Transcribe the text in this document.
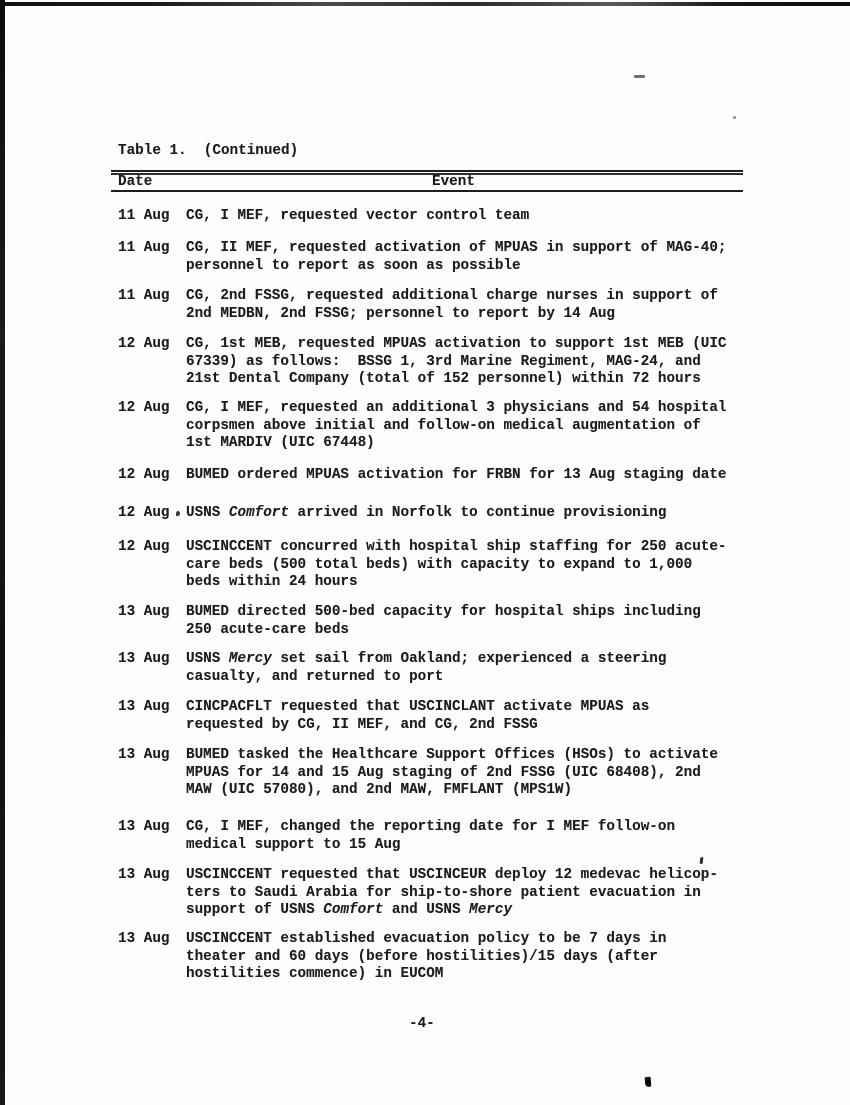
Table 1.  (Continued)
Date	Event
11 Aug CG, I MEF, requested vector control team
11 Aug CG, II MEF, requested activation of MPUAS in support of MAG-40;
personnel to report as soon as possible
11 Aug CG, 2nd FSSG, requested additional charge nurses in support of
2nd MEDBN, 2nd FSSG; personnel to report by 14 Aug
12 Aug CG, 1st MEB, requested MPUAS activation to support 1st MEB (UIC
67339) as follows:  BSSG 1, 3rd Marine Regiment, MAG-24, and
21st Dental Company (total of 152 personnel) within 72 hours
12 Aug CG, I MEF, requested an additional 3 physicians and 54 hospital
corpsmen above initial and follow-on medical augmentation of
1st MARDIV (UIC 67448)
12 Aug BUMED ordered MPUAS activation for FRBN for 13 Aug staging date
12 Aug USNS Comfort arrived in Norfolk to continue provisioning
12 Aug USCINCCENT concurred with hospital ship staffing for 250 acute-
care beds (500 total beds) with capacity to expand to 1,000
beds within 24 hours
13 Aug BUMED directed 500-bed capacity for hospital ships including
250 acute-care beds
13 Aug USNS Mercy set sail from Oakland; experienced a steering
casualty, and returned to port
13 Aug CINCPACFLT requested that USCINCLANT activate MPUAS as
requested by CG, II MEF, and CG, 2nd FSSG
13 Aug BUMED tasked the Healthcare Support Offices (HSOs) to activate
MPUAS for 14 and 15 Aug staging of 2nd FSSG (UIC 68408), 2nd
MAW (UIC 57080), and 2nd MAW, FMFLANT (MPS1W)
13 Aug CG, I MEF, changed the reporting date for I MEF follow-on
medical support to 15 Aug
13 Aug USCINCCENT requested that USCINCEUR deploy 12 medevac helicop-
ters to Saudi Arabia for ship-to-shore patient evacuation in
support of USNS Comfort and USNS Mercy
13 Aug USCINCCENT established evacuation policy to be 7 days in
theater and 60 days (before hostilities)/15 days (after
hostilities commence) in EUCOM
-4-
